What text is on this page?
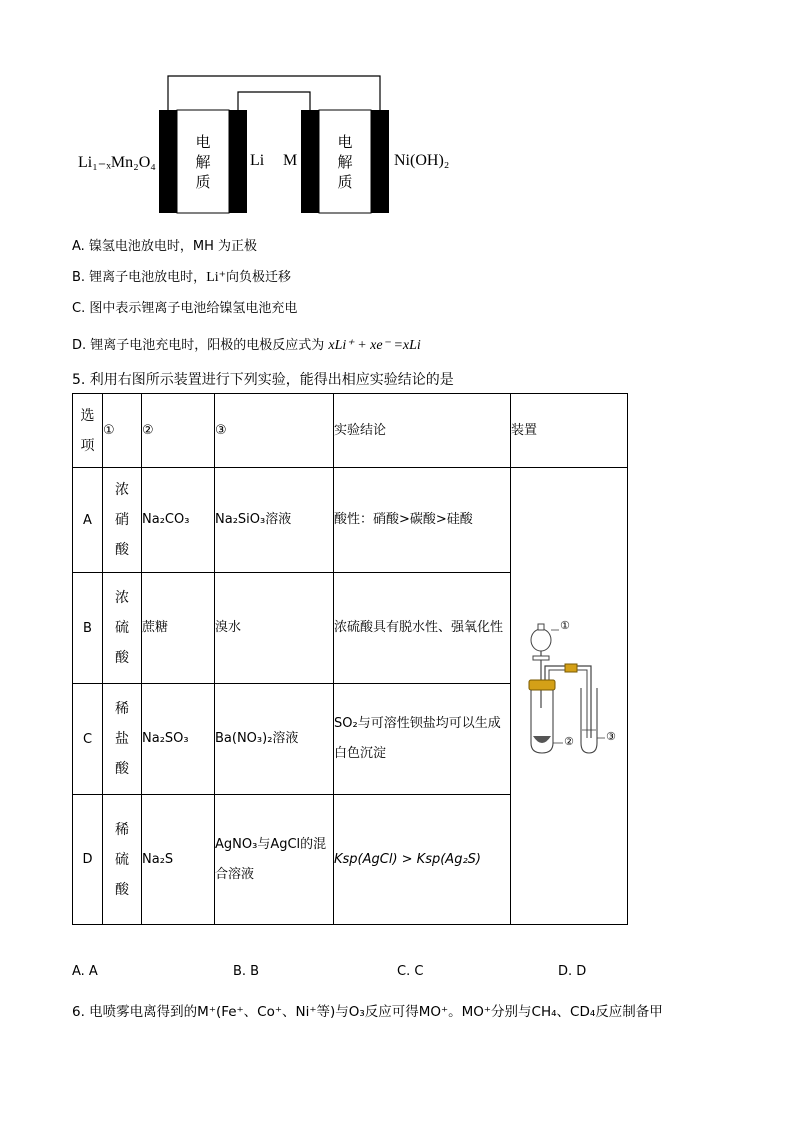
电解质
电解质
Li₁₋ₓMn₂O₄	Li M	Ni(OH)₂
A. 镍氢电池放电时，MH 为正极
B. 锂离子电池放电时，Li⁺向负极迁移
C. 图中表示锂离子电池给镍氢电池充电
D. 锂离子电池充电时，阳极的电极反应式为 xLi⁺ + xe⁻ =xLi
5. 利用右图所示装置进行下列实验，能得出相应实验结论的是
选项	①	②	③	实验结论	装置
A	浓硝酸	Na₂CO₃	Na₂SiO₃溶液	酸性：硝酸>碳酸>硅酸	①
② ③

B	浓硫酸	蔗糖	溴水	浓硫酸具有脱水性、强氧化性	
C	稀盐酸	Na₂SO₃	Ba(NO₃)₂溶液	SO₂与可溶性钡盐均可以生成白色沉淀	
D	稀硫酸	Na₂S	AgNO₃与AgCl的混合溶液	Ksp(AgCl) > Ksp(Ag₂S)	
A. A	B. B	C. C	D. D
6. 电喷雾电离得到的M⁺(Fe⁺、Co⁺、Ni⁺等)与O₃反应可得MO⁺。MO⁺分别与CH₄、CD₄反应制备甲
